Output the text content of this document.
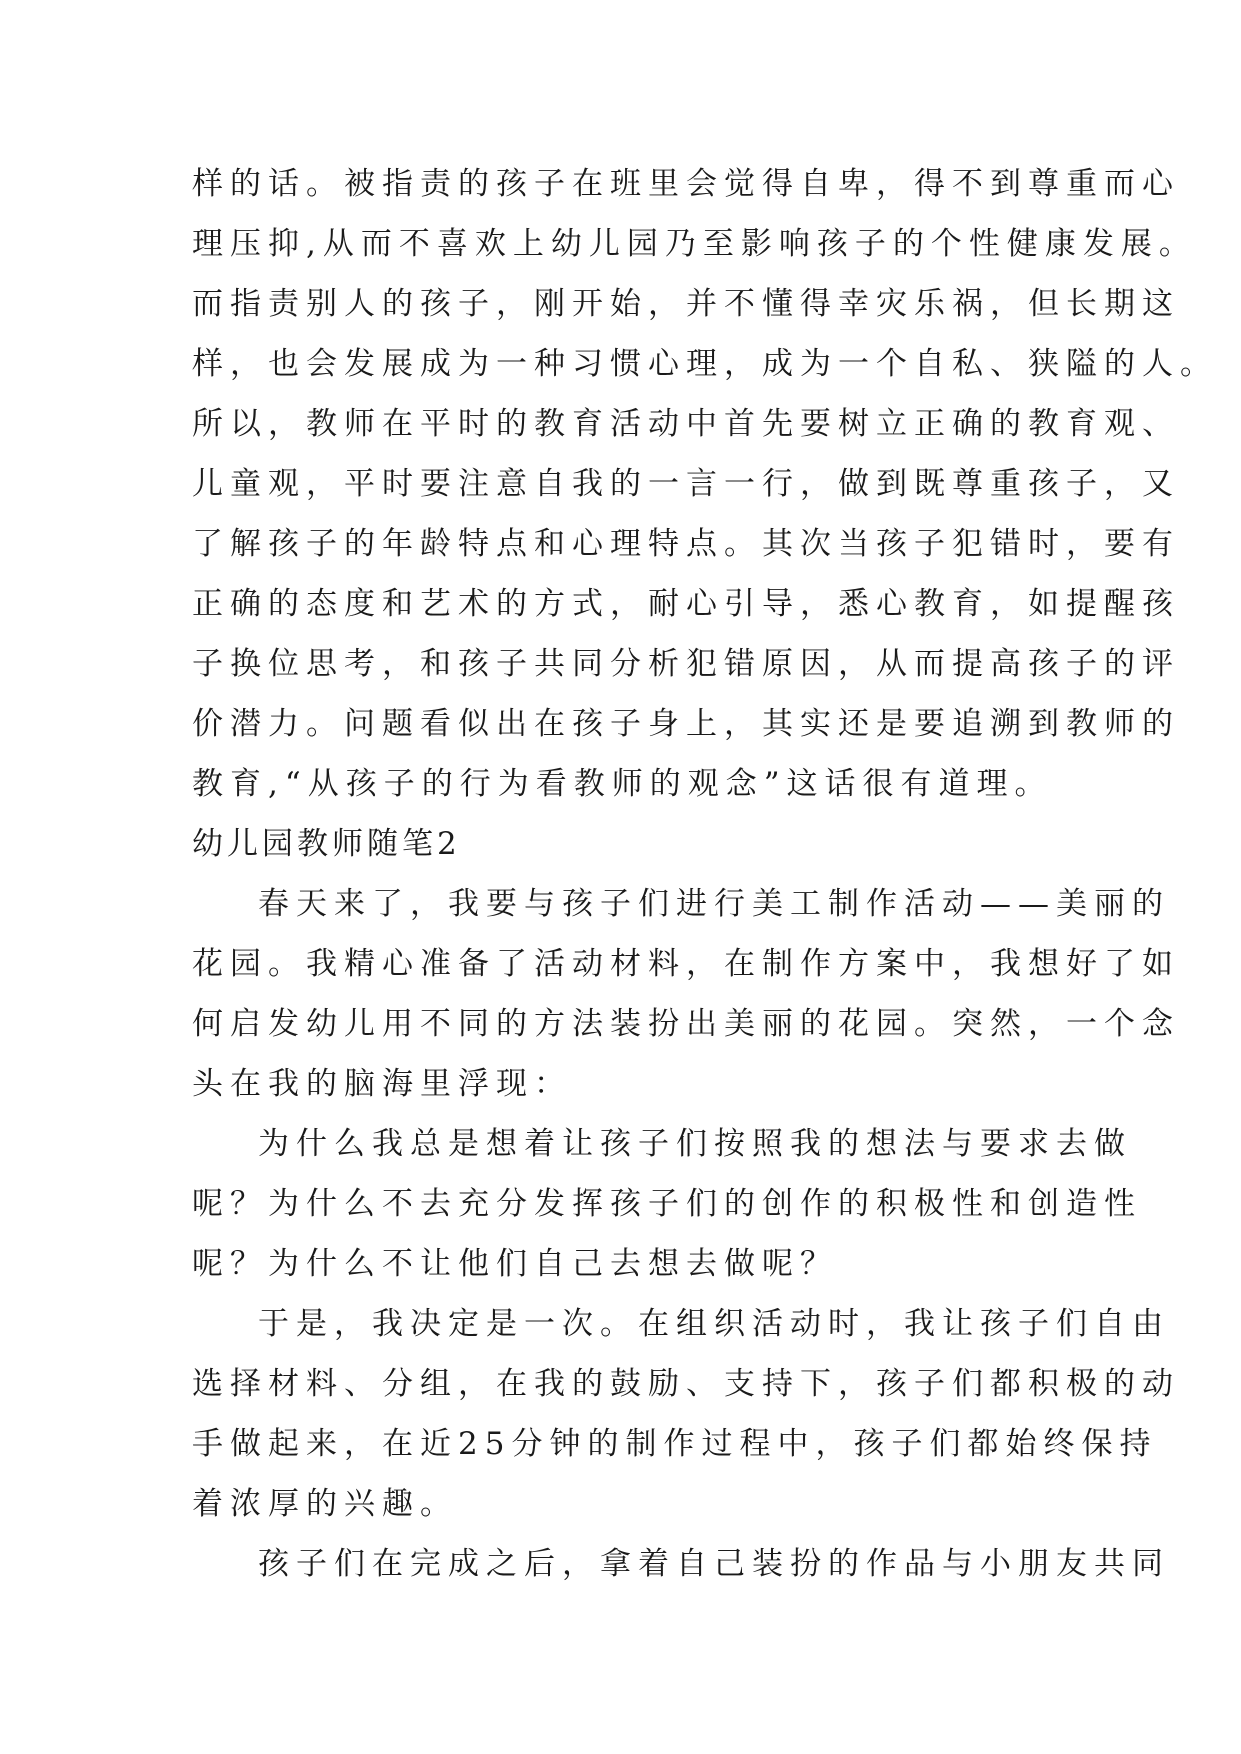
样的话。被指责的孩子在班里会觉得自卑，得不到尊重而心
理压抑,从而不喜欢上幼儿园乃至影响孩子的个性健康发展。
而指责别人的孩子，刚开始，并不懂得幸灾乐祸，但长期这
样，也会发展成为一种习惯心理，成为一个自私、狭隘的人。
所以，教师在平时的教育活动中首先要树立正确的教育观、
儿童观，平时要注意自我的一言一行，做到既尊重孩子，又
了解孩子的年龄特点和心理特点。其次当孩子犯错时，要有
正确的态度和艺术的方式，耐心引导，悉心教育，如提醒孩
子换位思考，和孩子共同分析犯错原因，从而提高孩子的评
价潜力。问题看似出在孩子身上，其实还是要追溯到教师的
教育,“从孩子的行为看教师的观念”这话很有道理。
幼儿园教师随笔2
春天来了，我要与孩子们进行美工制作活动——美丽的
花园。我精心准备了活动材料，在制作方案中，我想好了如
何启发幼儿用不同的方法装扮出美丽的花园。突然，一个念
头在我的脑海里浮现：
为什么我总是想着让孩子们按照我的想法与要求去做
呢？为什么不去充分发挥孩子们的创作的积极性和创造性
呢？为什么不让他们自己去想去做呢？
于是，我决定是一次。在组织活动时，我让孩子们自由
选择材料、分组，在我的鼓励、支持下，孩子们都积极的动
手做起来，在近25分钟的制作过程中，孩子们都始终保持
着浓厚的兴趣。
孩子们在完成之后，拿着自己装扮的作品与小朋友共同
